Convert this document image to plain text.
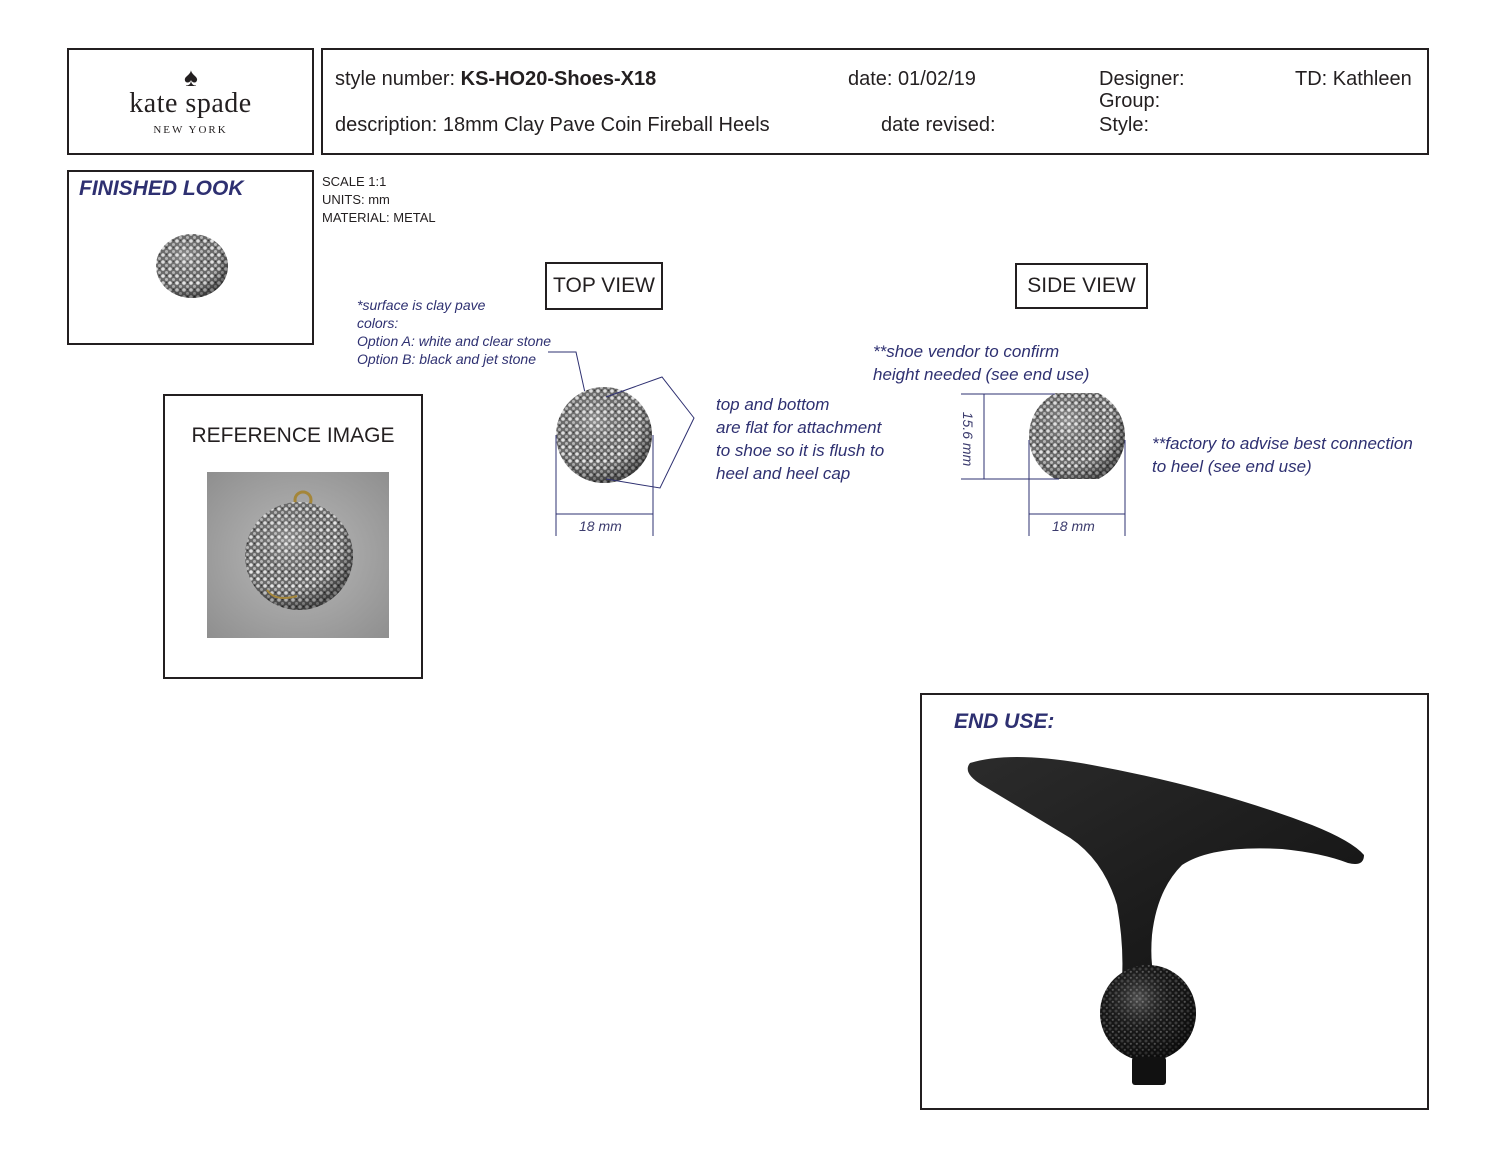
♠
kate spade
NEW YORK
style number: KS-HO20-Shoes-X18	date: 01/02/19	Designer:
Group:
Style:
TD: Kathleen
description: 18mm Clay Pave Coin Fireball Heels	date revised:
FINISHED LOOK	SCALE 1:1
UNITS: mm
MATERIAL: METAL
REFERENCE IMAGE
TOP VIEW
*surface is clay pave
colors:
Option A: white and clear stone
Option B: black and jet stone
18 mm
top and bottom
are flat for attachment
to shoe so it is flush to
heel and heel cap
SIDE VIEW
**shoe vendor to confirm
height needed (see end use)
15.6 mm
18 mm
**factory to advise best connection
to heel (see end use)
END USE:
